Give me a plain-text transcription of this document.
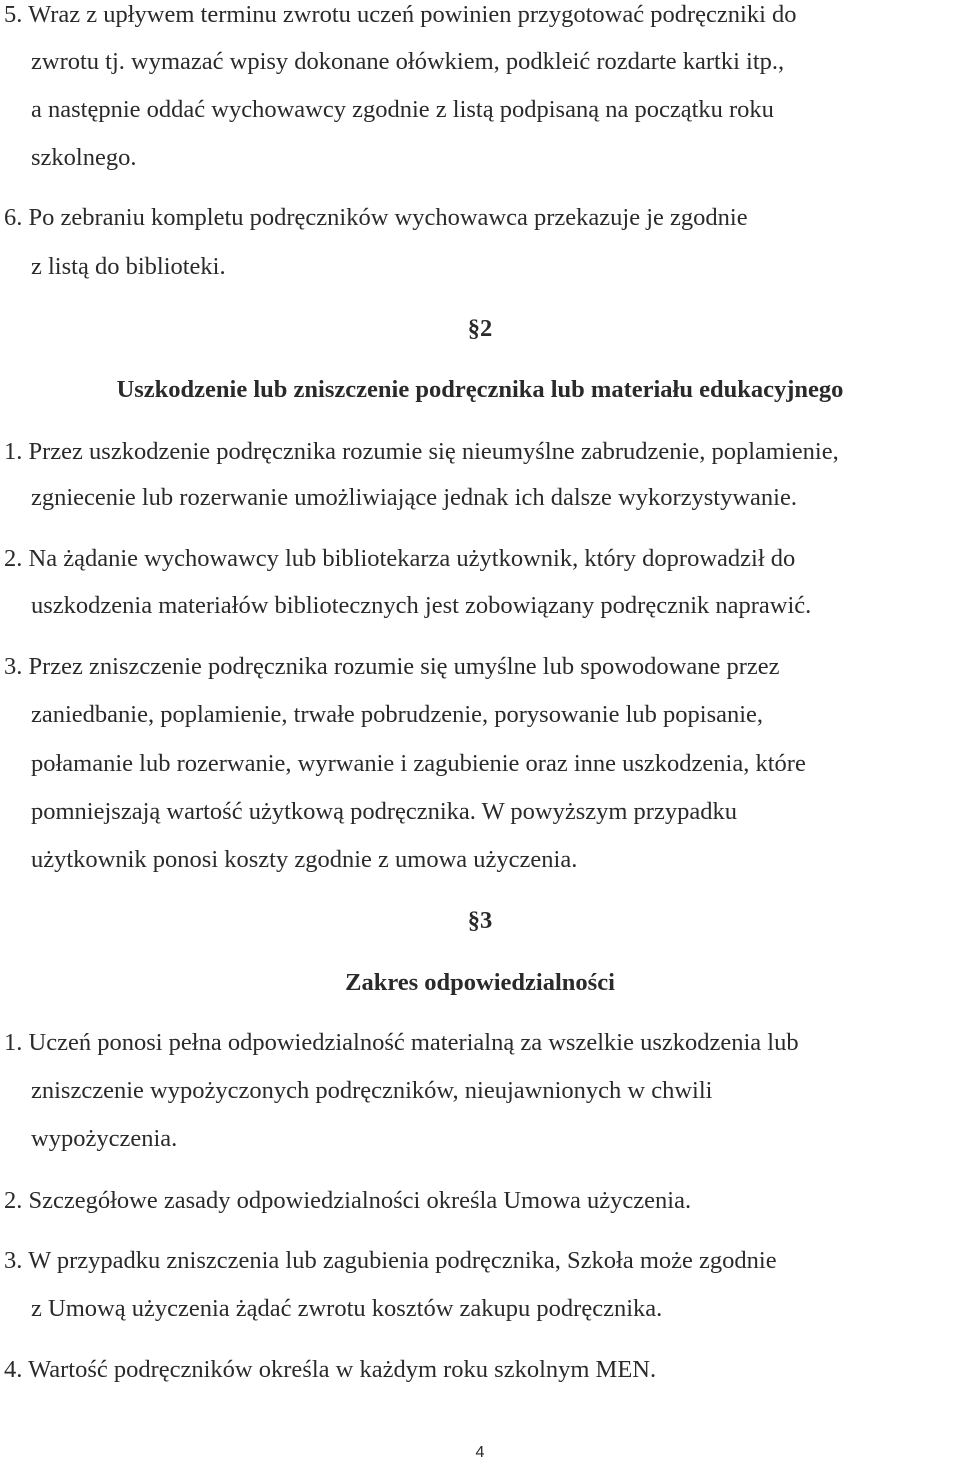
5. Wraz z upływem terminu zwrotu uczeń powinien przygotować podręczniki do
zwrotu tj. wymazać wpisy dokonane ołówkiem, podkleić rozdarte kartki itp.,
a następnie oddać wychowawcy zgodnie z listą podpisaną na początku roku
szkolnego.
6. Po zebraniu kompletu podręczników wychowawca przekazuje je zgodnie
z listą do biblioteki.
§2
Uszkodzenie lub zniszczenie podręcznika lub materiału edukacyjnego
1. Przez uszkodzenie podręcznika rozumie się nieumyślne zabrudzenie, poplamienie,
zgniecenie lub rozerwanie umożliwiające jednak ich dalsze wykorzystywanie.
2. Na żądanie wychowawcy lub bibliotekarza użytkownik, który doprowadził do
uszkodzenia materiałów bibliotecznych jest zobowiązany podręcznik naprawić.
3. Przez zniszczenie podręcznika rozumie się umyślne lub spowodowane przez
zaniedbanie, poplamienie, trwałe pobrudzenie, porysowanie lub popisanie,
połamanie lub rozerwanie, wyrwanie i zagubienie oraz inne uszkodzenia, które
pomniejszają wartość użytkową podręcznika. W powyższym przypadku
użytkownik ponosi koszty zgodnie z umowa użyczenia.
§3
Zakres odpowiedzialności
1. Uczeń ponosi pełna odpowiedzialność materialną za wszelkie uszkodzenia lub
zniszczenie wypożyczonych podręczników, nieujawnionych w chwili
wypożyczenia.
2. Szczegółowe zasady odpowiedzialności określa Umowa użyczenia.
3. W przypadku zniszczenia lub zagubienia podręcznika, Szkoła może zgodnie
z Umową użyczenia żądać zwrotu kosztów zakupu podręcznika.
4. Wartość podręczników określa w każdym roku szkolnym MEN.
4
